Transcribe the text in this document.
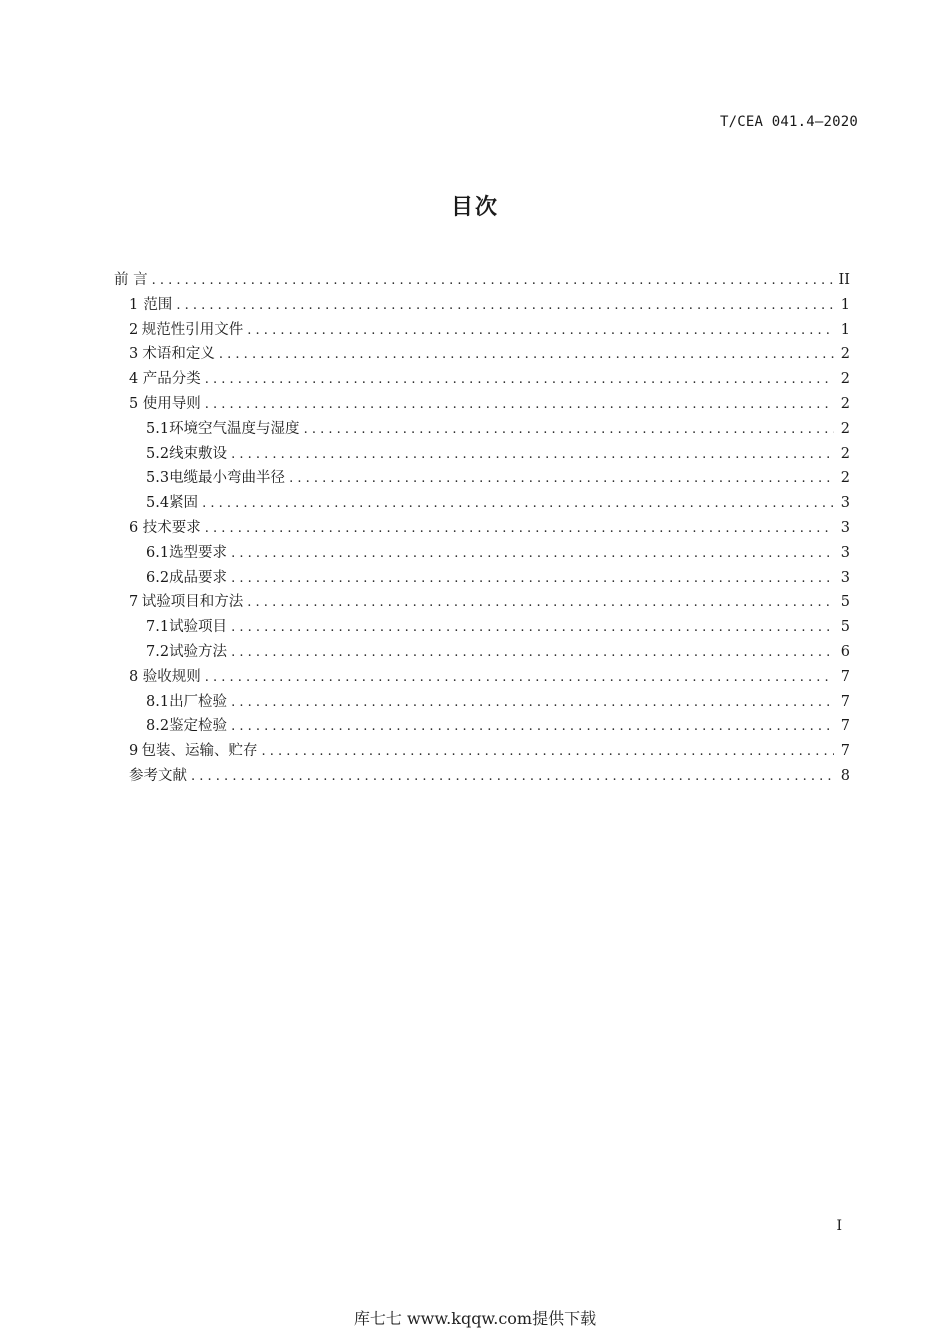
T/CEA 041.4—2020
目次
前 言 . . .	II
1 范围 . . .	1
2 规范性引用文件 . . .	1
3 术语和定义 . . .	2
4 产品分类 . . .	2
5 使用导则 . . .	2
5.1 环境空气温度与湿度 . . .	2
5.2 线束敷设 . . .	2
5.3 电缆最小弯曲半径 . . .	2
5.4 紧固 . . .	3
6 技术要求 . . .	3
6.1 选型要求 . . .	3
6.2 成品要求 . . .	3
7 试验项目和方法 . . .	5
7.1 试验项目 . . .	5
7.2 试验方法 . . .	6
8 验收规则 . . .	7
8.1 出厂检验 . . .	7
8.2 鉴定检验 . . .	7
9 包装、运输、贮存 . . .	7
参考文献 . . .	8
I
库七七 www.kqqw.com提供下载
